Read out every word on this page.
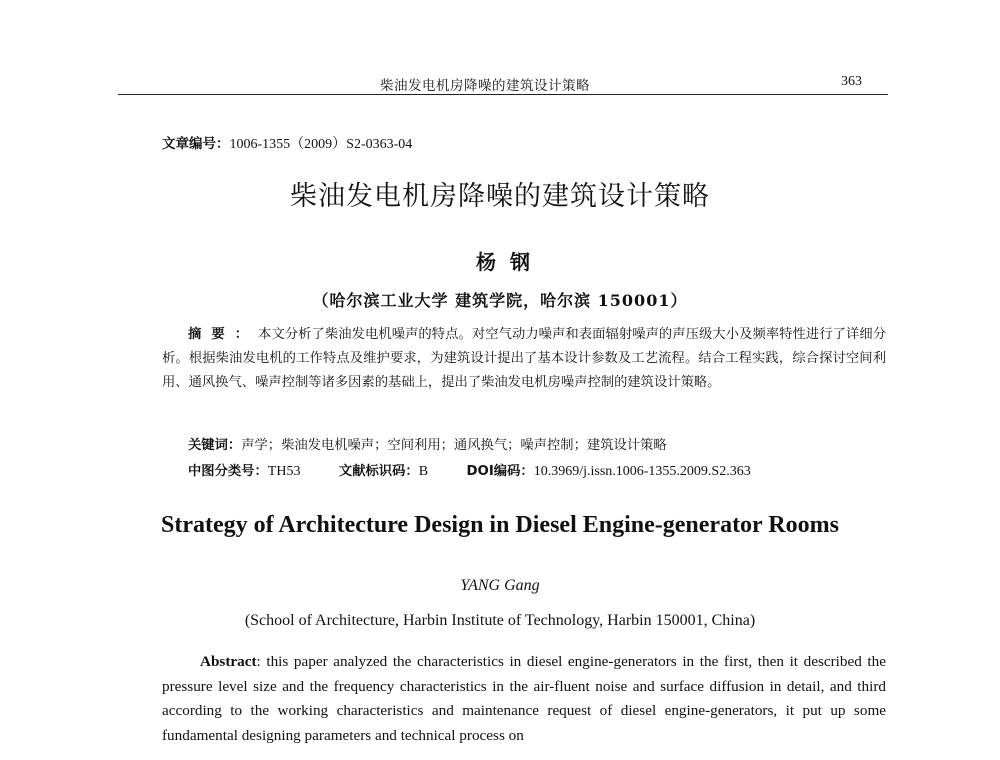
柴油发电机房降噪的建筑设计策略	363
文章编号：1006-1355（2009）S2-0363-04
柴油发电机房降噪的建筑设计策略
杨钢
（哈尔滨工业大学 建筑学院，哈尔滨 150001）
摘要：本文分析了柴油发电机噪声的特点。对空气动力噪声和表面辐射噪声的声压级大小及频率特性进行了详细分析。根据柴油发电机的工作特点及维护要求，为建筑设计提出了基本设计参数及工艺流程。结合工程实践，综合探讨空间利用、通风换气、噪声控制等诸多因素的基础上，提出了柴油发电机房噪声控制的建筑设计策略。
关键词：声学；柴油发电机噪声；空间利用；通风换气；噪声控制；建筑设计策略
中图分类号：TH53	文献标识码：B	DOI编码：10.3969/j.issn.1006-1355.2009.S2.363
Strategy of Architecture Design in Diesel Engine-generator Rooms
YANG Gang
(School of Architecture, Harbin Institute of Technology, Harbin 150001, China)
Abstract: this paper analyzed the characteristics in diesel engine-generators in the first, then it described the pressure level size and the frequency characteristics in the air-fluent noise and surface diffusion in detail, and third according to the working characteristics and maintenance request of diesel engine-generators, it put up some fundamental designing parameters and technical process on
